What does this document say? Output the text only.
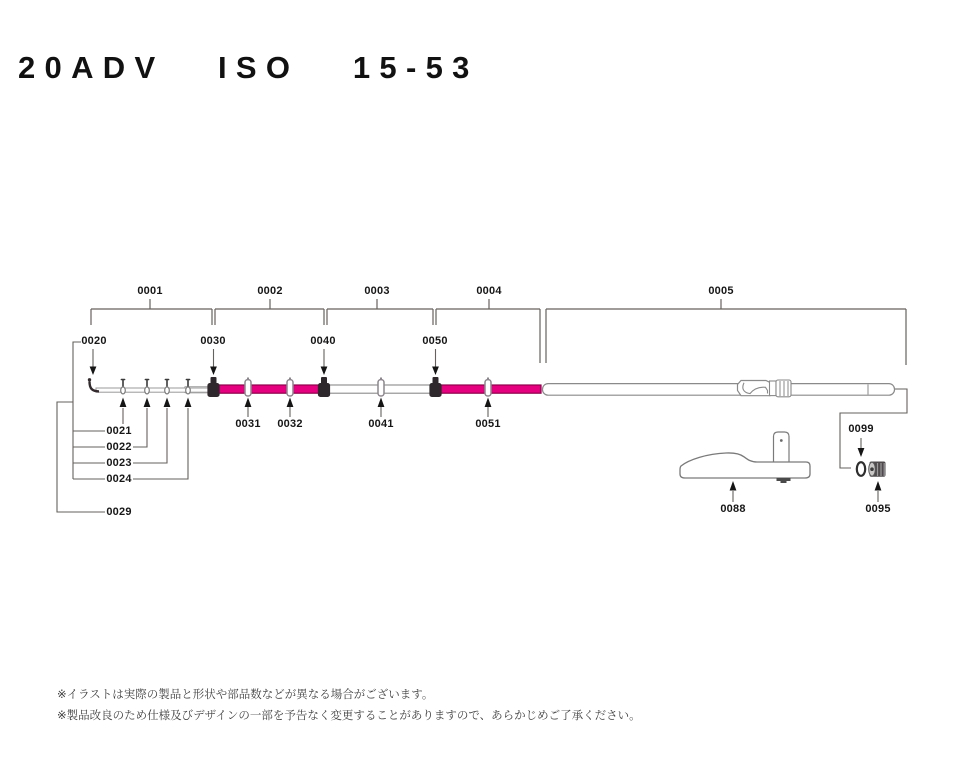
20ADV ISO 15-53
0001	0002	0003	0004	0005
0020	0030	0040	0050
0021
0022
0023
0024
0029
0031 0032	0041	0051
0088	0095
0099
※イラストは実際の製品と形状や部品数などが異なる場合がございます。
※製品改良のため仕様及びデザインの一部を予告なく変更することがありますので、あらかじめご了承ください。
